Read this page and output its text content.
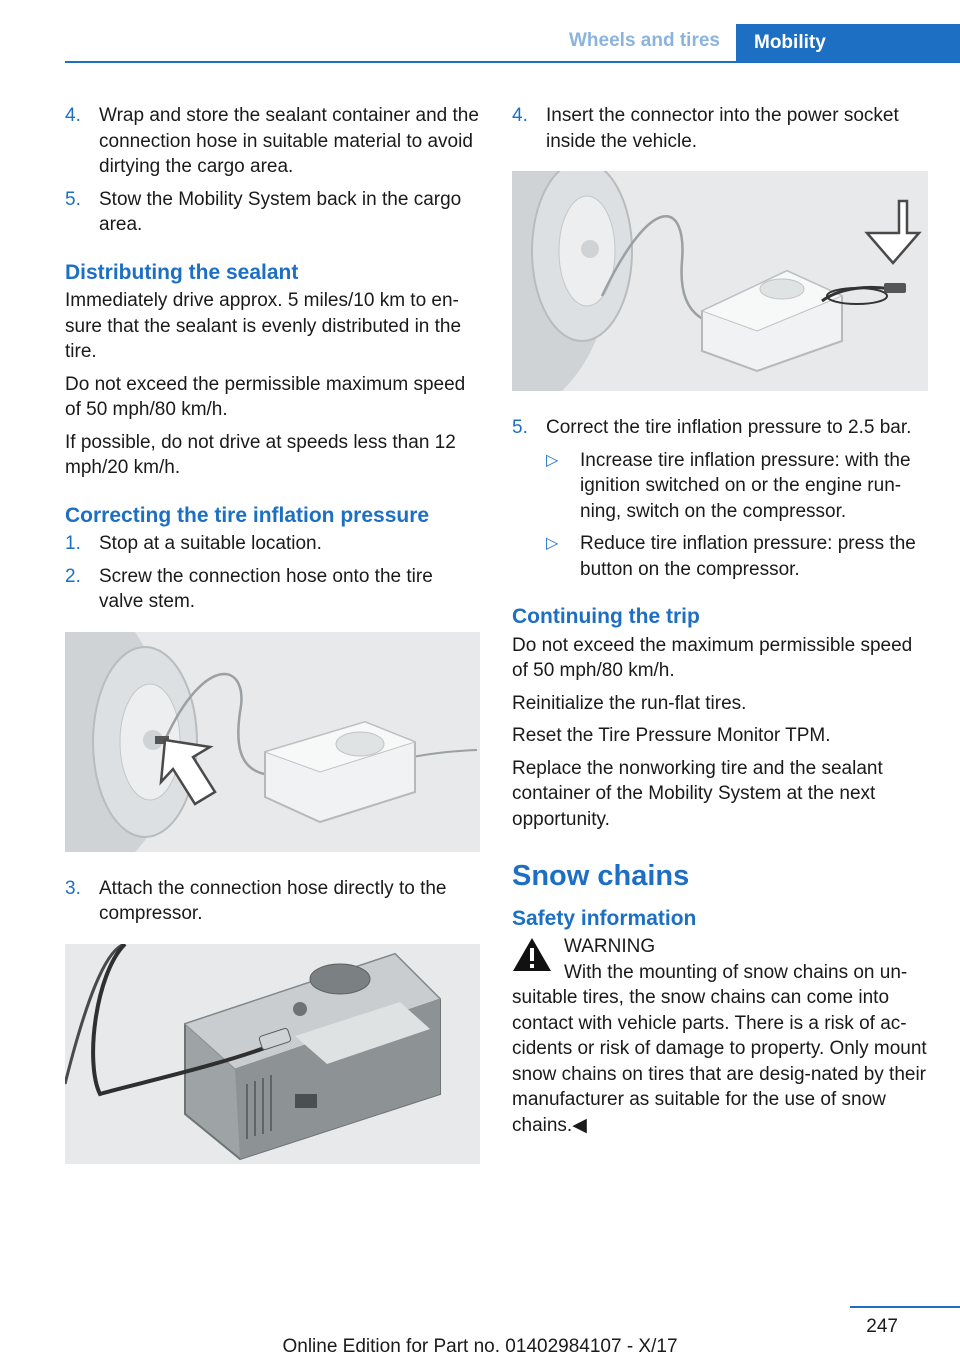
Wheels and tires	Mobility
4. Wrap and store the sealant container and the connection hose in suitable material to avoid dirtying the cargo area.
5. Stow the Mobility System back in the cargo area.
Distributing the sealant

Immediately drive approx. 5 miles/10 km to en‐sure that the sealant is evenly distributed in the tire.

Do not exceed the permissible maximum speed of 50 mph/80 km/h.

If possible, do not drive at speeds less than 12 mph/20 km/h.

Correcting the tire inflation pressure
1. Stop at a suitable location.
2. Screw the connection hose onto the tire valve stem.
3. Attach the connection hose directly to the compressor.
4. Insert the connector into the power socket inside the vehicle.
5. Correct the tire inflation pressure to 2.5 bar.
▷ Increase tire inflation pressure: with the ignition switched on or the engine run‐ning, switch on the compressor.
▷ Reduce tire inflation pressure: press the button on the compressor.
Continuing the trip

Do not exceed the maximum permissible speed of 50 mph/80 km/h.

Reinitialize the run-flat tires.

Reset the Tire Pressure Monitor TPM.

Replace the nonworking tire and the sealant container of the Mobility System at the next opportunity.

Snow chains
Safety information
WARNING
With the mounting of snow chains on un‐
suitable tires, the snow chains can come into contact with vehicle parts. There is a risk of ac‐cidents or risk of damage to property. Only mount snow chains on tires that are desig‐nated by their manufacturer as suitable for the use of snow chains.◀
247
Online Edition for Part no. 01402984107 - X/17
